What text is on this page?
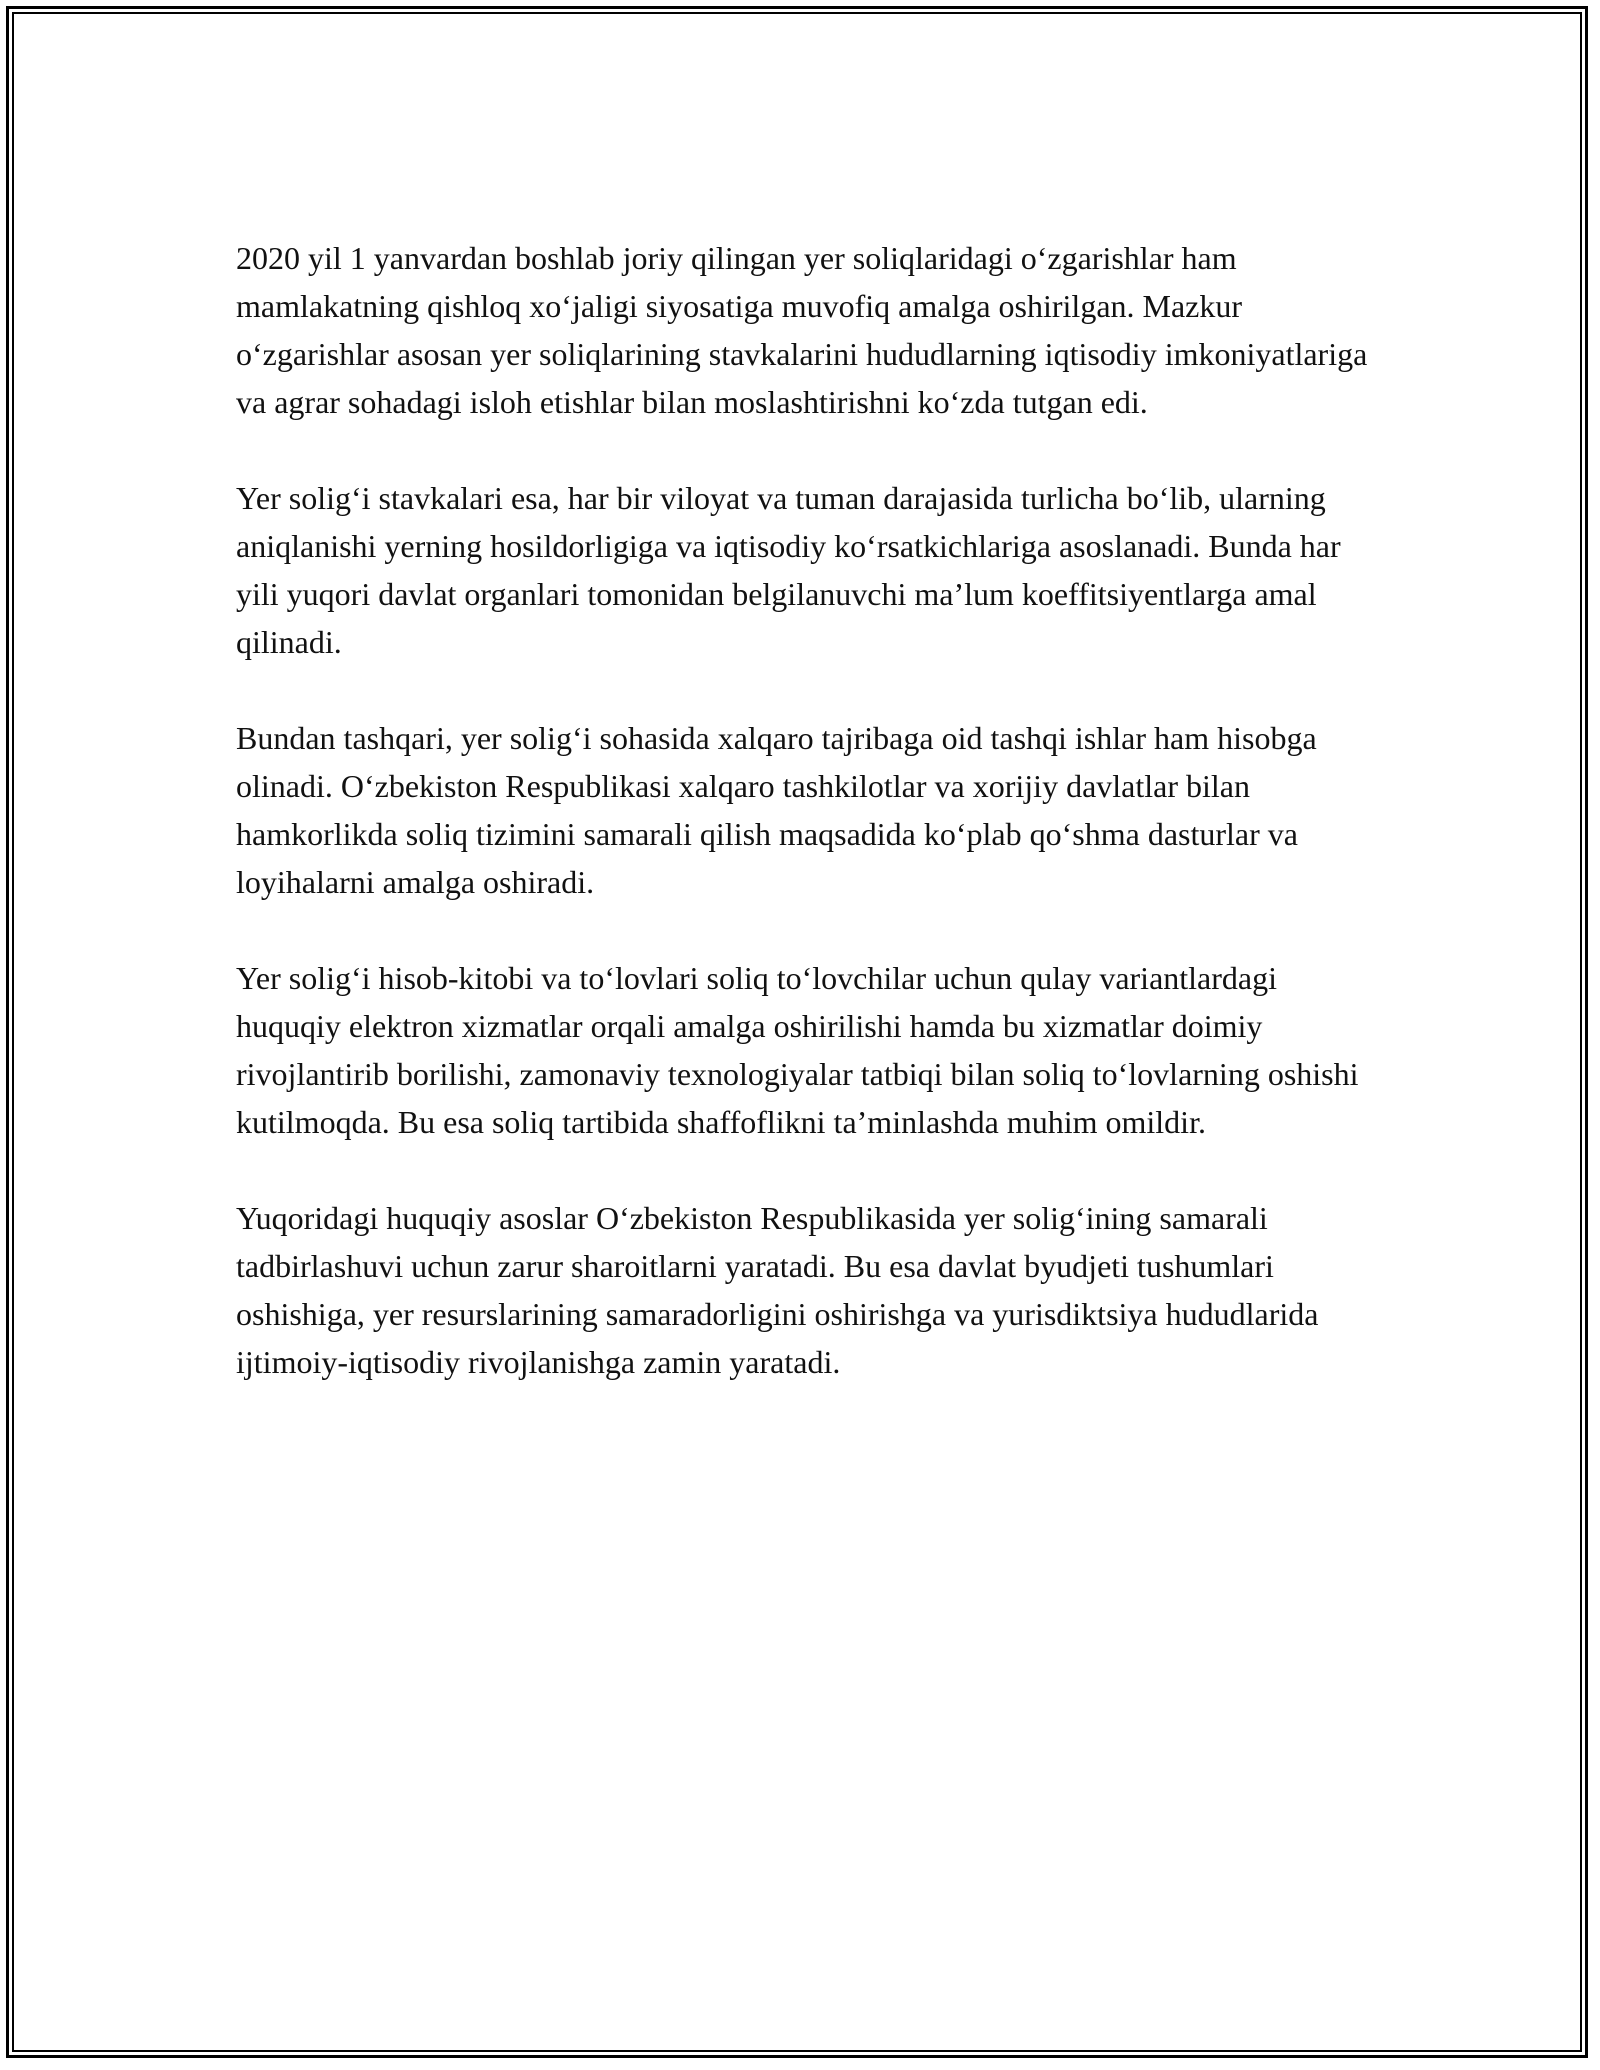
2020 yil 1 yanvardan boshlab joriy qilingan yer soliqlaridagi o‘zgarishlar ham mamlakatning qishloq xo‘jaligi siyosatiga muvofiq amalga oshirilgan. Mazkur o‘zgarishlar asosan yer soliqlarining stavkalarini hududlarning iqtisodiy imkoniyatlariga va agrar sohadagi isloh etishlar bilan moslashtirishni ko‘zda tutgan edi.

Yer solig‘i stavkalari esa, har bir viloyat va tuman darajasida turlicha bo‘lib, ularning aniqlanishi yerning hosildorligiga va iqtisodiy ko‘rsatkichlariga asoslanadi. Bunda har yili yuqori davlat organlari tomonidan belgilanuvchi ma’lum koeffitsiyentlarga amal qilinadi.

Bundan tashqari, yer solig‘i sohasida xalqaro tajribaga oid tashqi ishlar ham hisobga olinadi. O‘zbekiston Respublikasi xalqaro tashkilotlar va xorijiy davlatlar bilan hamkorlikda soliq tizimini samarali qilish maqsadida ko‘plab qo‘shma dasturlar va loyihalarni amalga oshiradi.

Yer solig‘i hisob-kitobi va to‘lovlari soliq to‘lovchilar uchun qulay variantlardagi huquqiy elektron xizmatlar orqali amalga oshirilishi hamda bu xizmatlar doimiy rivojlantirib borilishi, zamonaviy texnologiyalar tatbiqi bilan soliq to‘lovlarning oshishi kutilmoqda. Bu esa soliq tartibida shaffoflikni ta’minlashda muhim omildir.

Yuqoridagi huquqiy asoslar O‘zbekiston Respublikasida yer solig‘ining samarali tadbirlashuvi uchun zarur sharoitlarni yaratadi. Bu esa davlat byudjeti tushumlari oshishiga, yer resurslarining samaradorligini oshirishga va yurisdiktsiya hududlarida ijtimoiy-iqtisodiy rivojlanishga zamin yaratadi.
